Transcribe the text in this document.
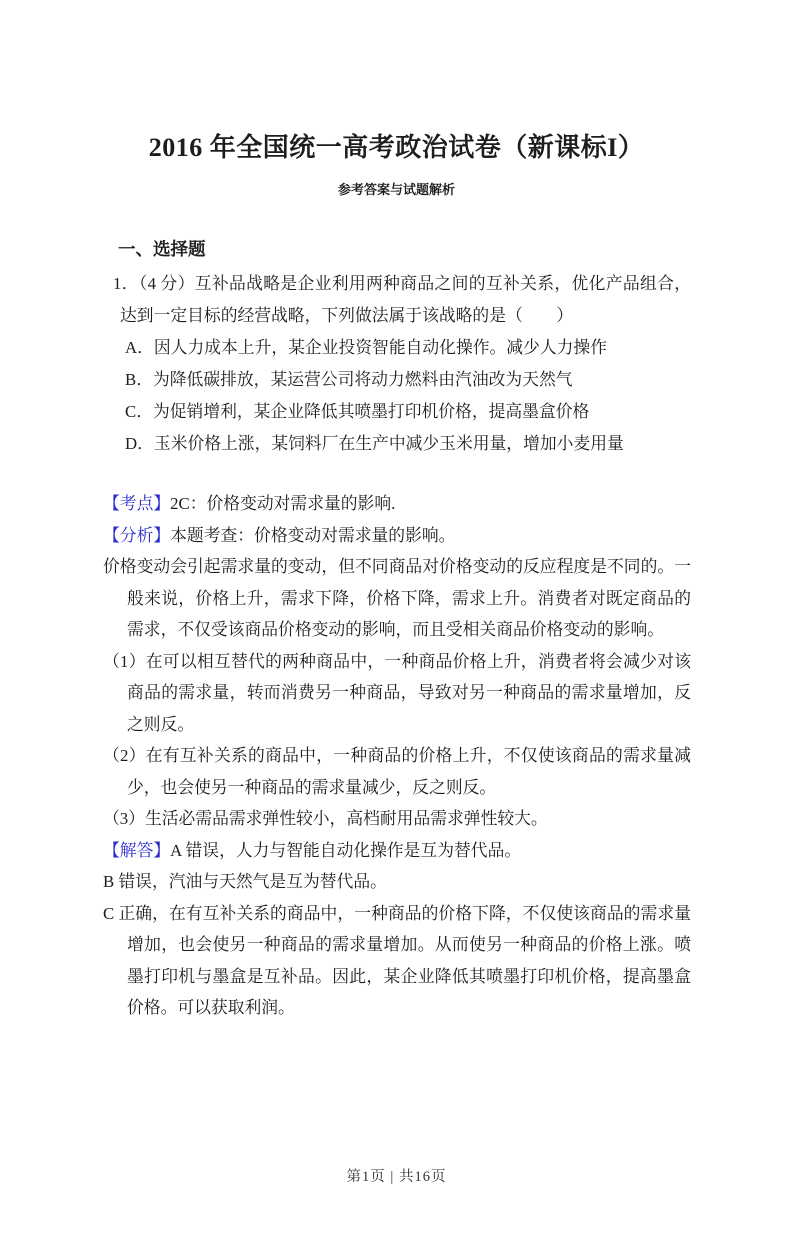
2016 年全国统一高考政治试卷（新课标I）
参考答案与试题解析
一、选择题
1．（4 分）互补品战略是企业利用两种商品之间的互补关系，优化产品组合，
达到一定目标的经营战略，下列做法属于该战略的是（　　）
A．因人力成本上升，某企业投资智能自动化操作。减少人力操作
B．为降低碳排放，某运营公司将动力燃料由汽油改为天然气
C．为促销增利，某企业降低其喷墨打印机价格，提高墨盒价格
D．玉米价格上涨，某饲料厂在生产中减少玉米用量，增加小麦用量
【考点】2C：价格变动对需求量的影响.
【分析】本题考查：价格变动对需求量的影响。
价格变动会引起需求量的变动，但不同商品对价格变动的反应程度是不同的。一
般来说，价格上升，需求下降，价格下降，需求上升。消费者对既定商品的
需求，不仅受该商品价格变动的影响，而且受相关商品价格变动的影响。
（1）在可以相互替代的两种商品中，一种商品价格上升，消费者将会减少对该
商品的需求量，转而消费另一种商品，导致对另一种商品的需求量增加，反
之则反。
（2）在有互补关系的商品中，一种商品的价格上升，不仅使该商品的需求量减
少，也会使另一种商品的需求量减少，反之则反。
（3）生活必需品需求弹性较小，高档耐用品需求弹性较大。
【解答】A 错误，人力与智能自动化操作是互为替代品。
B 错误，汽油与天然气是互为替代品。
C 正确，在有互补关系的商品中，一种商品的价格下降，不仅使该商品的需求量
增加，也会使另一种商品的需求量增加。从而使另一种商品的价格上涨。喷
墨打印机与墨盒是互补品。因此，某企业降低其喷墨打印机价格，提高墨盒
价格。可以获取利润。
第1页 | 共16页
